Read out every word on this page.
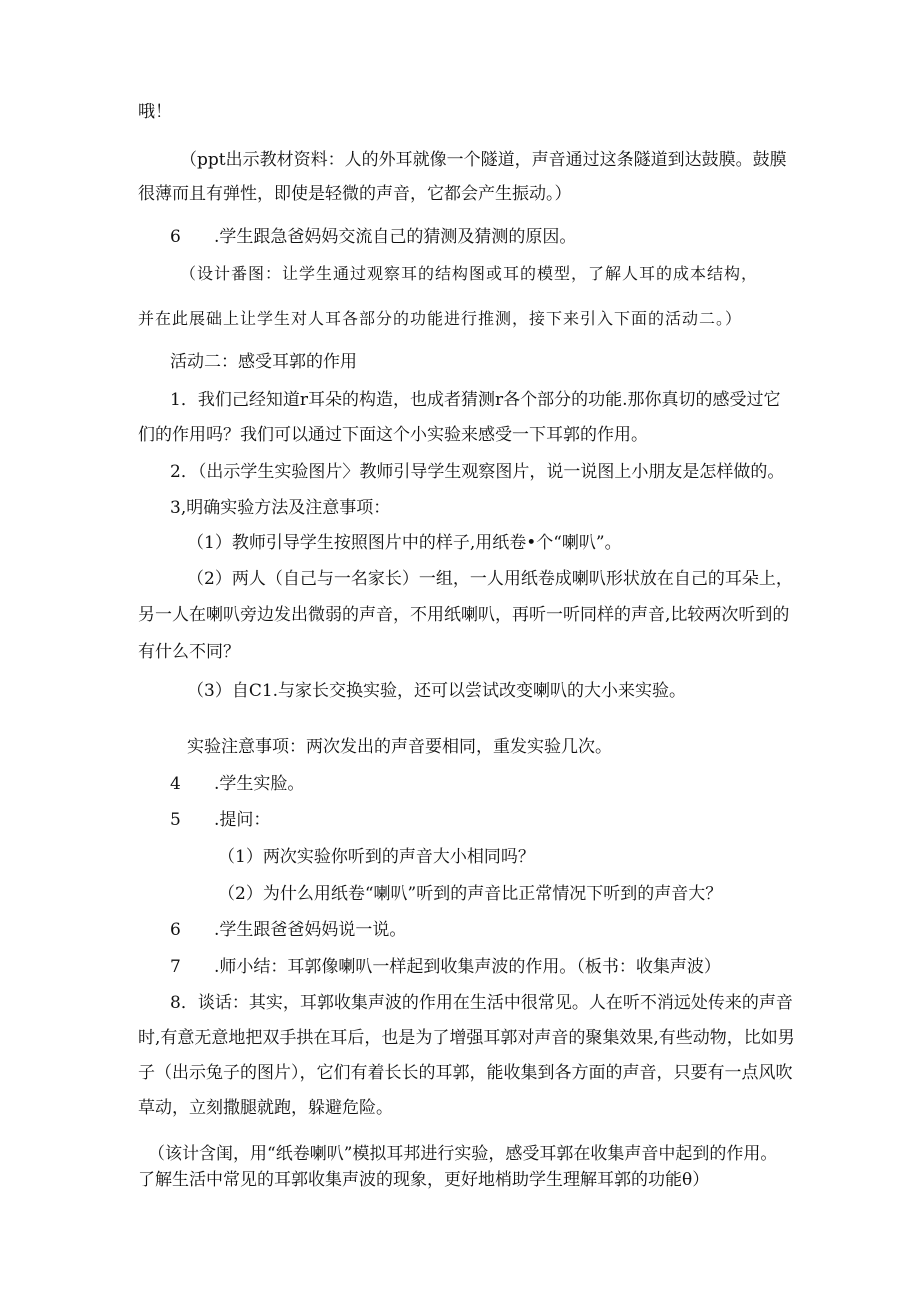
哦！
（ppt出示教材资料：人的外耳就像一个隧道，声音通过这条隧道到达鼓膜。鼓膜
很薄而且有弹性，即使是轻微的声音，它都会产生振动。）
6 .学生跟急爸妈妈交流自己的猜测及猜测的原因。
（设计番图：让学生通过观察耳的结构图或耳的模型，了解人耳的成本结构，
并在此展础上让学生对人耳各部分的功能进行推测，接下来引入下面的活动二。）
活动二：感受耳郭的作用
1．我们己经知道r耳朵的构造，也成者猜测r各个部分的功能.那你真切的感受过它
们的作用吗？我们可以通过下面这个小实验来感受一下耳郭的作用。
2．（出示学生实验图片〉教师引导学生观察图片，说一说图上小朋友是怎样做的。
3,明确实验方法及注意事项：
（1）教师引导学生按照图片中的样子,用纸卷•个“喇叭”。
（2）两人（自己与一名家长）一组，一人用纸卷成喇叭形状放在自己的耳朵上，
另一人在喇叭旁边发出微弱的声音，不用纸喇叭，再听一听同样的声音,比较两次听到的
有什么不同？
（3）自C1.与家长交换实验，还可以尝试改变喇叭的大小来实验。
实验注意事项：两次发出的声音要相同，重发实验几次。
4 .学生实脸。
5 .提问：
（1）两次实验你听到的声音大小相同吗？
（2）为什么用纸卷“喇叭”听到的声音比正常情况下听到的声音大？
6 .学生跟爸爸妈妈说一说。
7 .师小结：耳郭像喇叭一样起到收集声波的作用。（板书：收集声波）
8．谈话：其实，耳郭收集声波的作用在生活中很常见。人在听不消远处传来的声音
时,有意无意地把双手拱在耳后，也是为了增强耳郭对声音的聚集效果,有些动物，比如男
子（出示兔子的图片），它们有着长长的耳郭，能收集到各方面的声音，只要有一点风吹
草动，立刻撒腿就跑，躲避危险。
（该计含闺，用“纸卷喇叭”模拟耳邦进行实验，感受耳郭在收集声音中起到的作用。
了解生活中常见的耳郭收集声波的现象，更好地梢助学生理解耳郭的功能θ）
